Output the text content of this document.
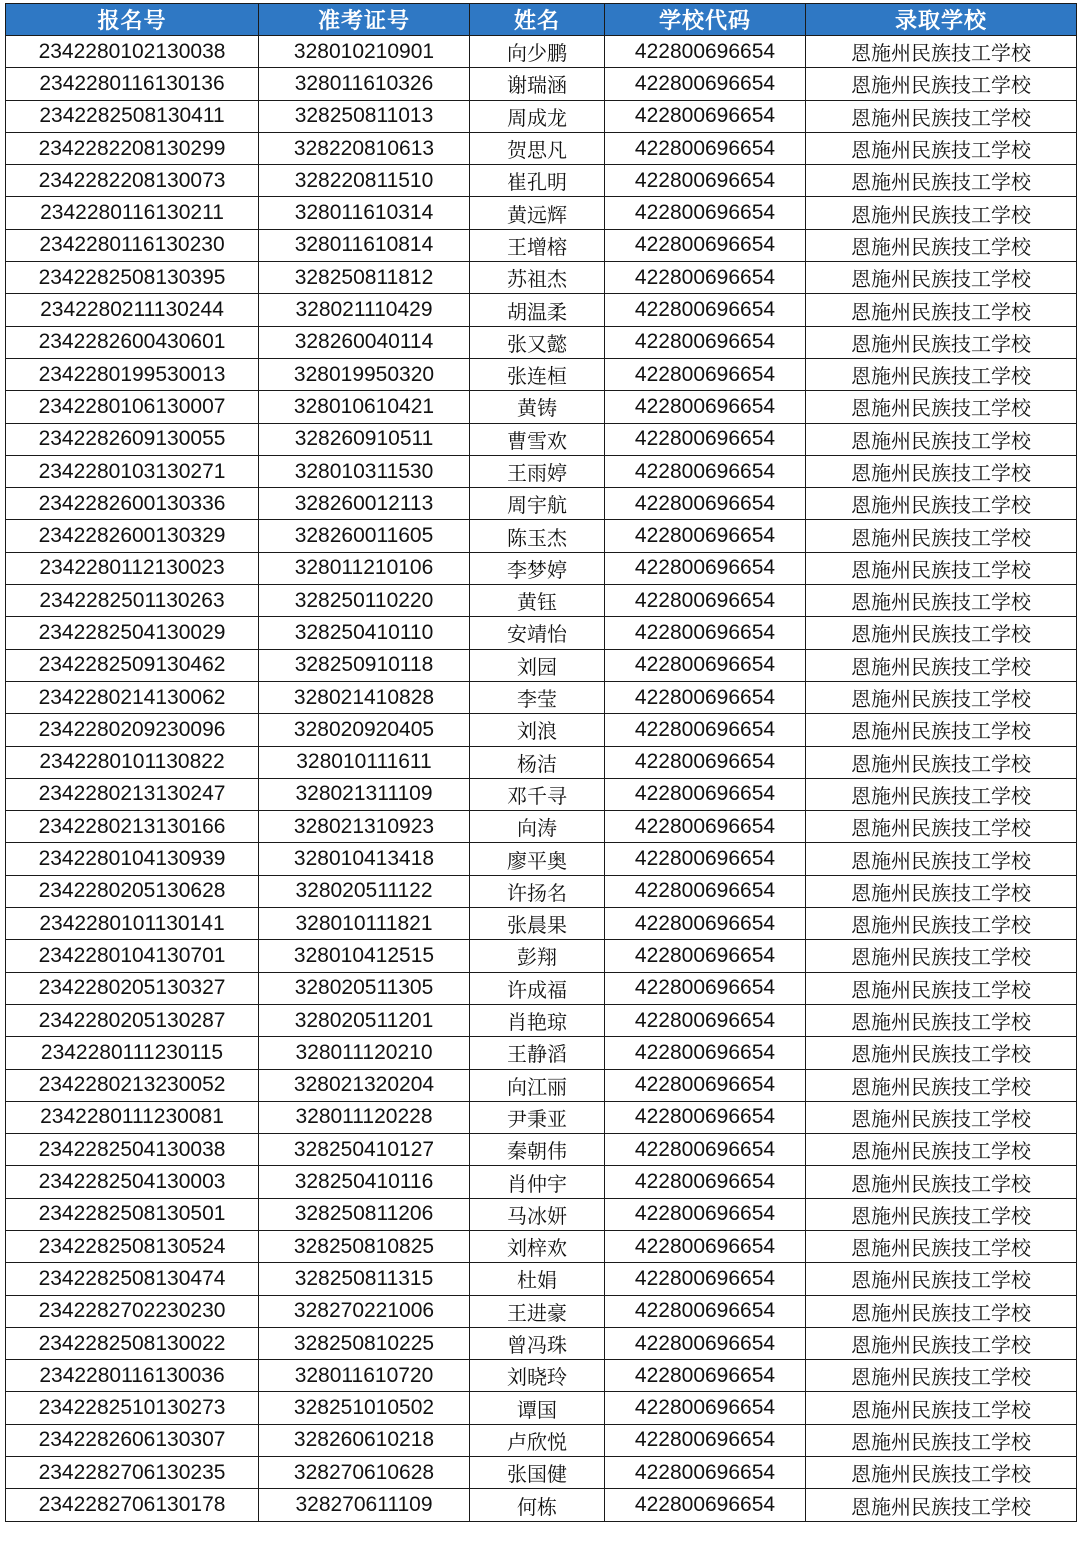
报名号	准考证号	姓名	学校代码	录取学校
2342280102130038	328010210901	向少鹏	422800696654	恩施州民族技工学校
2342280116130136	328011610326	谢瑞涵	422800696654	恩施州民族技工学校
2342282508130411	328250811013	周成龙	422800696654	恩施州民族技工学校
2342282208130299	328220810613	贺思凡	422800696654	恩施州民族技工学校
2342282208130073	328220811510	崔孔明	422800696654	恩施州民族技工学校
2342280116130211	328011610314	黄远辉	422800696654	恩施州民族技工学校
2342280116130230	328011610814	王增榕	422800696654	恩施州民族技工学校
2342282508130395	328250811812	苏祖杰	422800696654	恩施州民族技工学校
2342280211130244	328021110429	胡温柔	422800696654	恩施州民族技工学校
2342282600430601	328260040114	张又懿	422800696654	恩施州民族技工学校
2342280199530013	328019950320	张连桓	422800696654	恩施州民族技工学校
2342280106130007	328010610421	黄铸	422800696654	恩施州民族技工学校
2342282609130055	328260910511	曹雪欢	422800696654	恩施州民族技工学校
2342280103130271	328010311530	王雨婷	422800696654	恩施州民族技工学校
2342282600130336	328260012113	周宇航	422800696654	恩施州民族技工学校
2342282600130329	328260011605	陈玉杰	422800696654	恩施州民族技工学校
2342280112130023	328011210106	李梦婷	422800696654	恩施州民族技工学校
2342282501130263	328250110220	黄钰	422800696654	恩施州民族技工学校
2342282504130029	328250410110	安靖怡	422800696654	恩施州民族技工学校
2342282509130462	328250910118	刘园	422800696654	恩施州民族技工学校
2342280214130062	328021410828	李莹	422800696654	恩施州民族技工学校
2342280209230096	328020920405	刘浪	422800696654	恩施州民族技工学校
2342280101130822	328010111611	杨洁	422800696654	恩施州民族技工学校
2342280213130247	328021311109	邓千寻	422800696654	恩施州民族技工学校
2342280213130166	328021310923	向涛	422800696654	恩施州民族技工学校
2342280104130939	328010413418	廖平奥	422800696654	恩施州民族技工学校
2342280205130628	328020511122	许扬名	422800696654	恩施州民族技工学校
2342280101130141	328010111821	张晨果	422800696654	恩施州民族技工学校
2342280104130701	328010412515	彭翔	422800696654	恩施州民族技工学校
2342280205130327	328020511305	许成福	422800696654	恩施州民族技工学校
2342280205130287	328020511201	肖艳琼	422800696654	恩施州民族技工学校
2342280111230115	328011120210	王静滔	422800696654	恩施州民族技工学校
2342280213230052	328021320204	向江丽	422800696654	恩施州民族技工学校
2342280111230081	328011120228	尹秉亚	422800696654	恩施州民族技工学校
2342282504130038	328250410127	秦朝伟	422800696654	恩施州民族技工学校
2342282504130003	328250410116	肖仲宇	422800696654	恩施州民族技工学校
2342282508130501	328250811206	马冰妍	422800696654	恩施州民族技工学校
2342282508130524	328250810825	刘梓欢	422800696654	恩施州民族技工学校
2342282508130474	328250811315	杜娟	422800696654	恩施州民族技工学校
2342282702230230	328270221006	王进豪	422800696654	恩施州民族技工学校
2342282508130022	328250810225	曾冯珠	422800696654	恩施州民族技工学校
2342280116130036	328011610720	刘晓玲	422800696654	恩施州民族技工学校
2342282510130273	328251010502	谭国	422800696654	恩施州民族技工学校
2342282606130307	328260610218	卢欣悦	422800696654	恩施州民族技工学校
2342282706130235	328270610628	张国健	422800696654	恩施州民族技工学校
2342282706130178	328270611109	何栋	422800696654	恩施州民族技工学校
